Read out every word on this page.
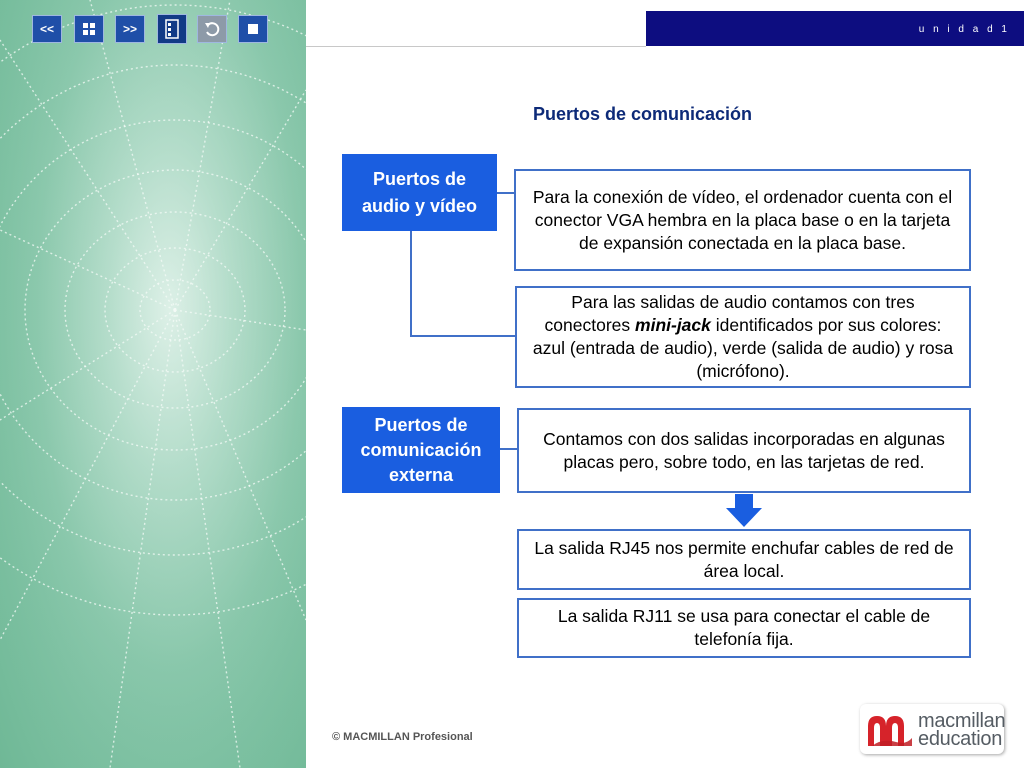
<<	>>	u n i d a d 1
Puertos de comunicación
Puertos de audio y vídeo	Para la conexión de vídeo, el ordenador cuenta con el conector VGA hembra en la placa base o en la tarjeta de expansión conectada en la placa base.
Para las salidas de audio contamos con tres conectores mini-jack identificados por sus colores: azul (entrada de audio), verde (salida de audio) y rosa (micrófono).
Puertos de comunicación externa
Contamos con dos salidas incorporadas en algunas placas pero, sobre todo, en las tarjetas de red.
La salida RJ45 nos permite enchufar cables de red de área local.
La salida RJ11 se usa para conectar el cable de telefonía fija.
© MACMILLAN Profesional
macmillan
education
